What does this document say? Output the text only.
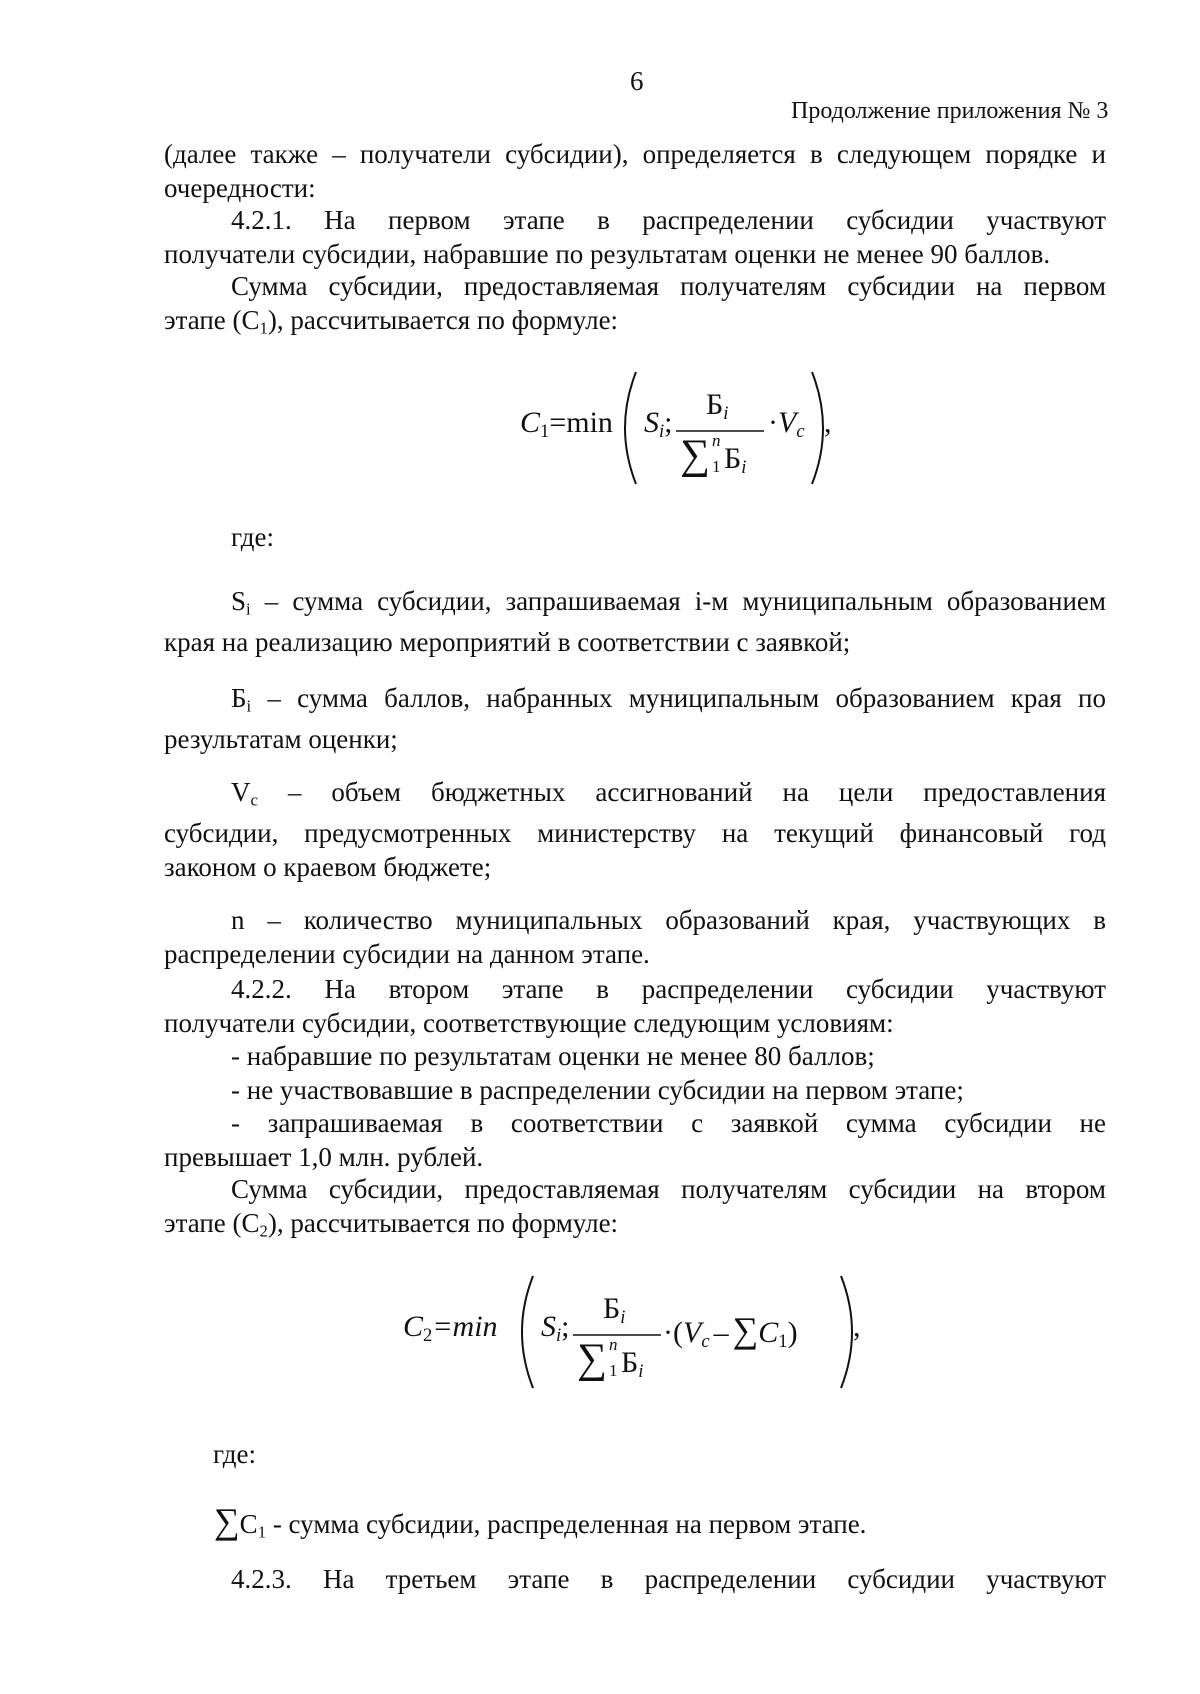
6
Продолжение приложения № 3
(далее также – получатели субсидии), определяется в следующем порядке и
очередности:
4.2.1. На первом этапе в распределении субсидии участвуют
получатели субсидии, набравшие по результатам оценки не менее 90 баллов.
Сумма субсидии, предоставляемая получателям субсидии на первом
этапе $(С_1)$, рассчитывается по формуле:
$C_1=\min$ $S_i$;
$Б_i$
∑ n
1 $Б_i$
$\cdot V_c$ ,
где:
$S_i$ – сумма субсидии, запрашиваемая i-м муниципальным образованием
края на реализацию мероприятий в соответствии с заявкой;
$Б_i$ – сумма баллов, набранных муниципальным образованием края по
результатам оценки;
$V_c$ – объем бюджетных ассигнований на цели предоставления
субсидии, предусмотренных министерству на текущий финансовый год
законом о краевом бюджете;
n – количество муниципальных образований края, участвующих в
распределении субсидии на данном этапе.
4.2.2. На втором этапе в распределении субсидии участвуют
получатели субсидии, соответствующие следующим условиям:
- набравшие по результатам оценки не менее 80 баллов;
- не участвовавшие в распределении субсидии на первом этапе;
- запрашиваемая в соответствии с заявкой сумма субсидии не
превышает 1,0 млн. рублей.
Сумма субсидии, предоставляемая получателям субсидии на втором
этапе $(С_2)$, рассчитывается по формуле:
$C_2=\min$ $S_i$;
$Б_i$
∑ n
1 $Б_i$
$\cdot(V_c - \sum C_1)$ ,
где:
$\sum C_1$ - сумма субсидии, распределенная на первом этапе.
4.2.3. На третьем этапе в распределении субсидии участвуют
